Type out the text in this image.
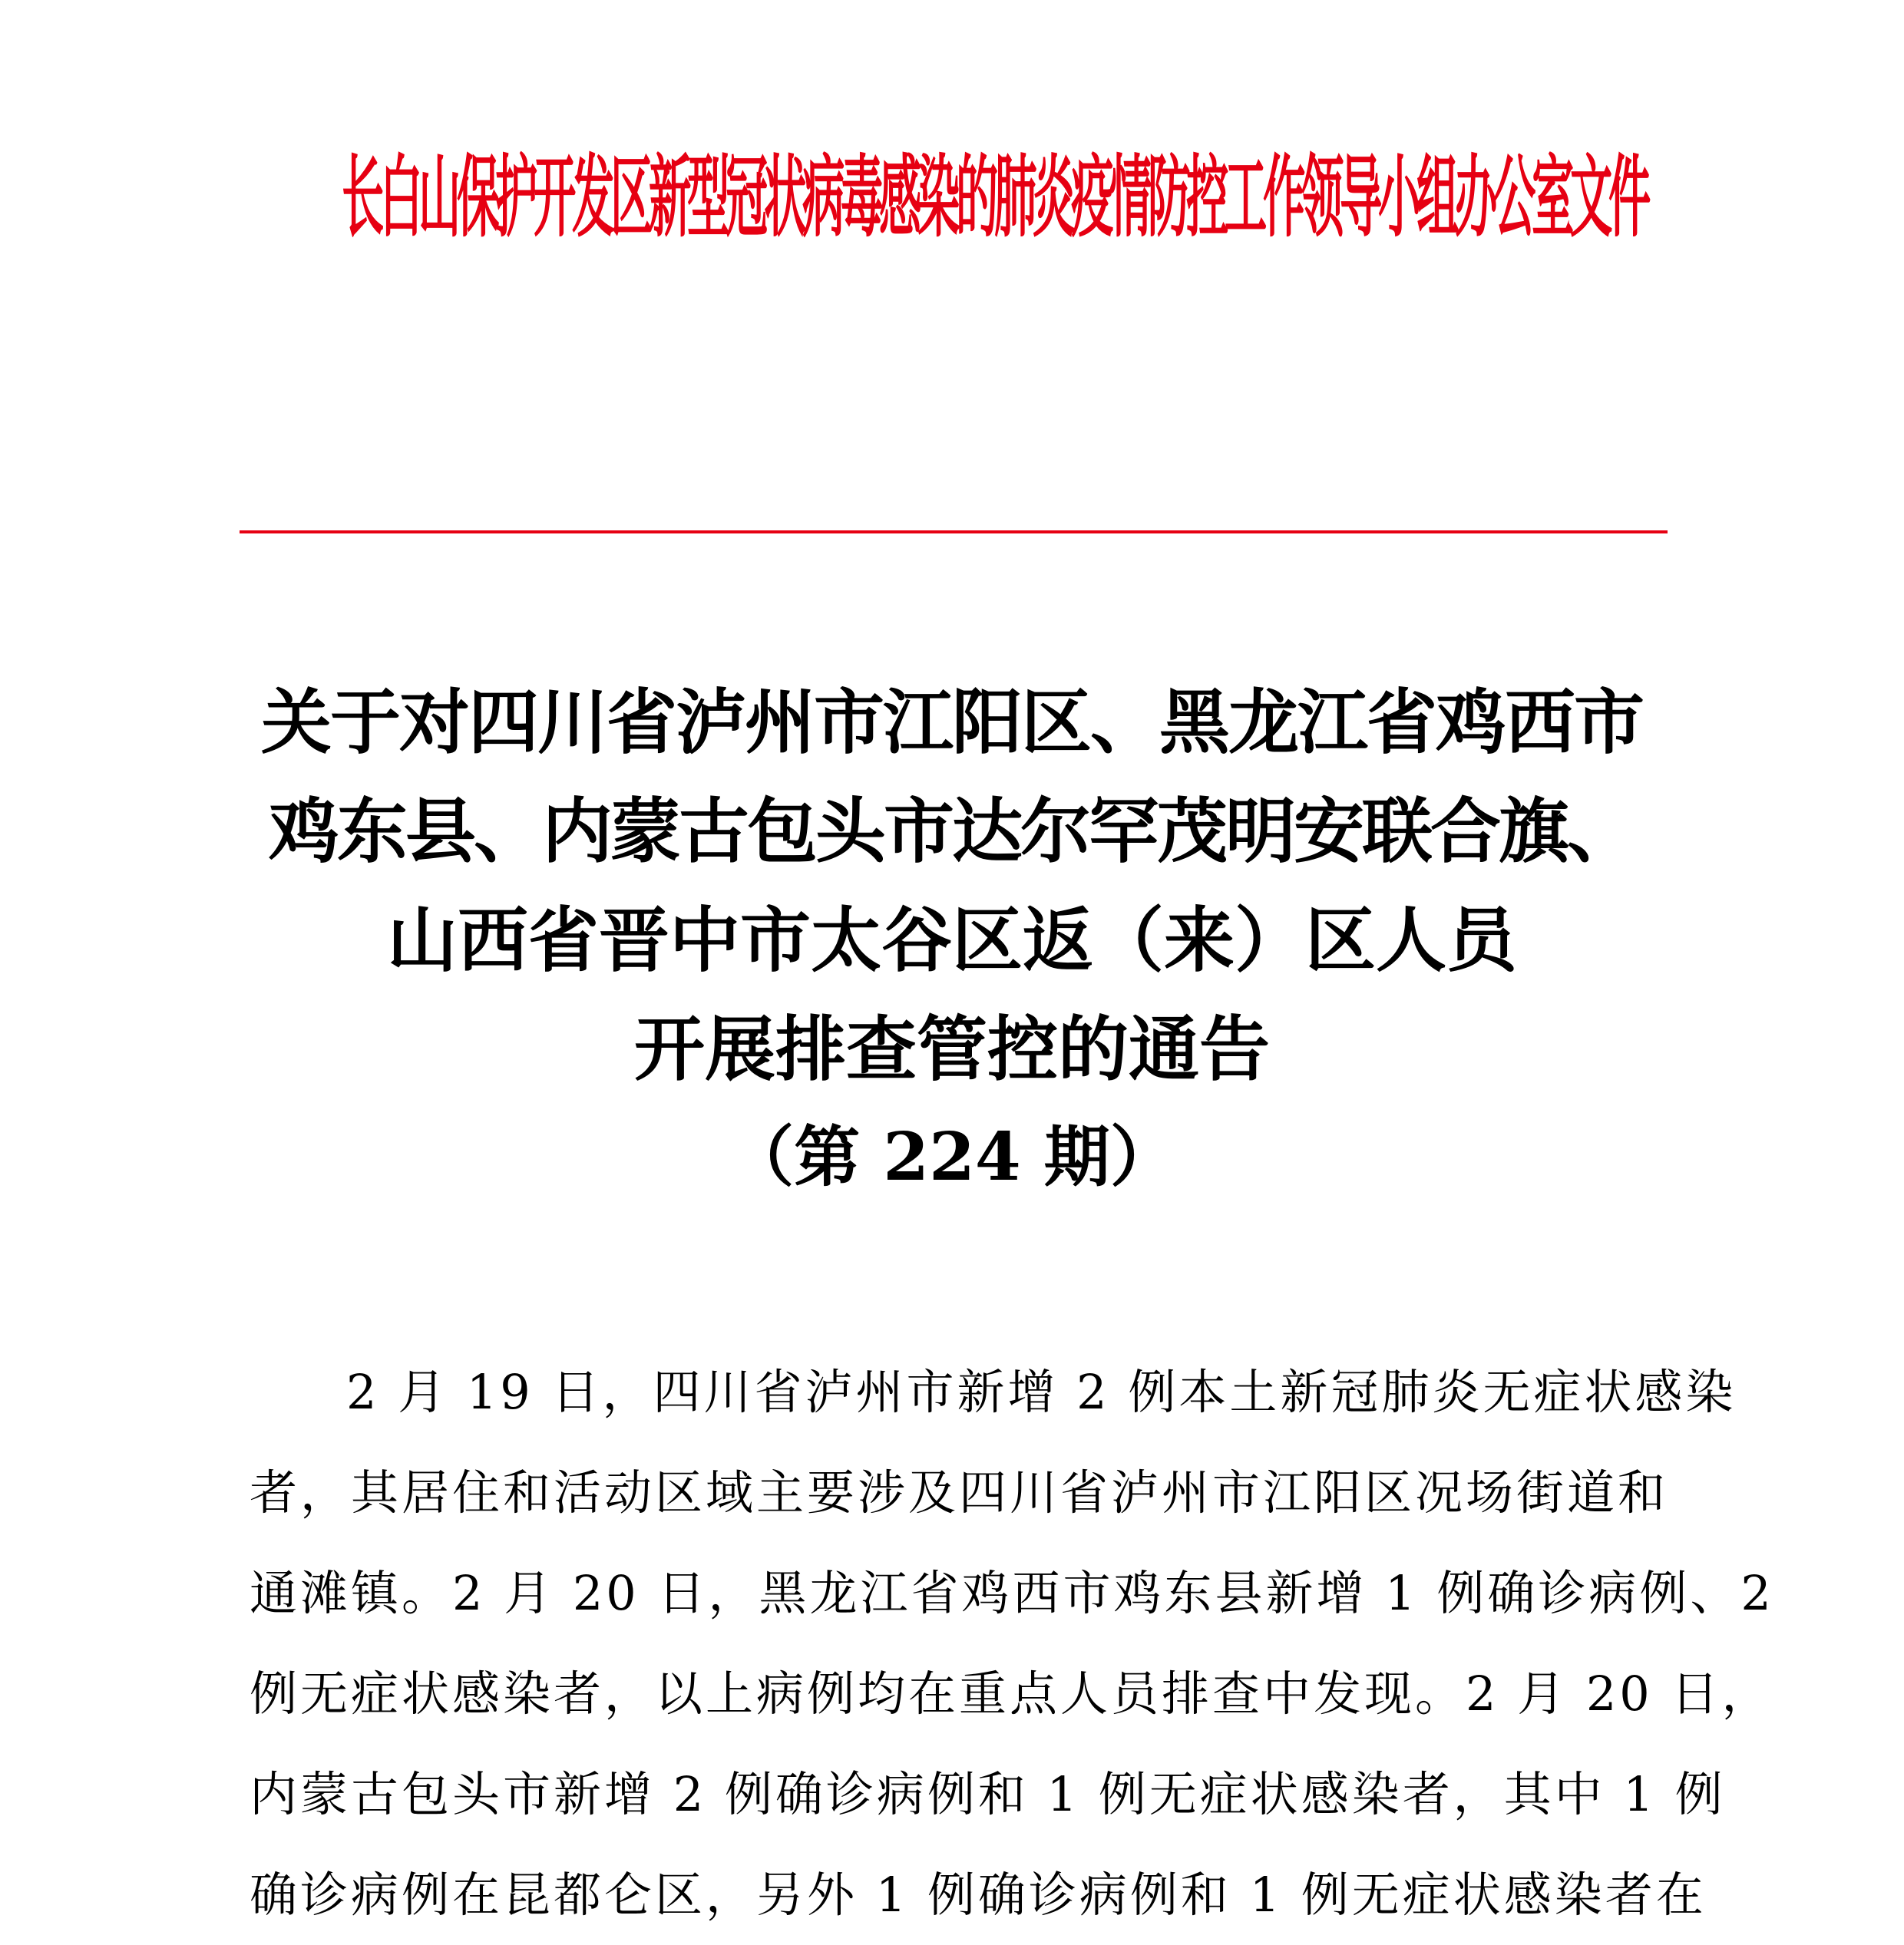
长白山保护开发区新型冠状病毒感染的肺炎疫情防控工作领导小组办公室文件
关于对四川省泸州市江阳区、黑龙江省鸡西市
鸡东县、内蒙古包头市达尔罕茂明安联合旗、
山西省晋中市太谷区返（来）区人员
开展排查管控的通告
（第 224 期）
2 月 19 日，四川省泸州市新增 2 例本土新冠肺炎无症状感染
者，其居住和活动区域主要涉及四川省泸州市江阳区况场街道和
通滩镇。2 月 20 日，黑龙江省鸡西市鸡东县新增 1 例确诊病例、2
例无症状感染者，以上病例均在重点人员排查中发现。2 月 20 日，
内蒙古包头市新增 2 例确诊病例和 1 例无症状感染者，其中 1 例
确诊病例在昆都仑区，另外 1 例确诊病例和 1 例无症状感染者在
